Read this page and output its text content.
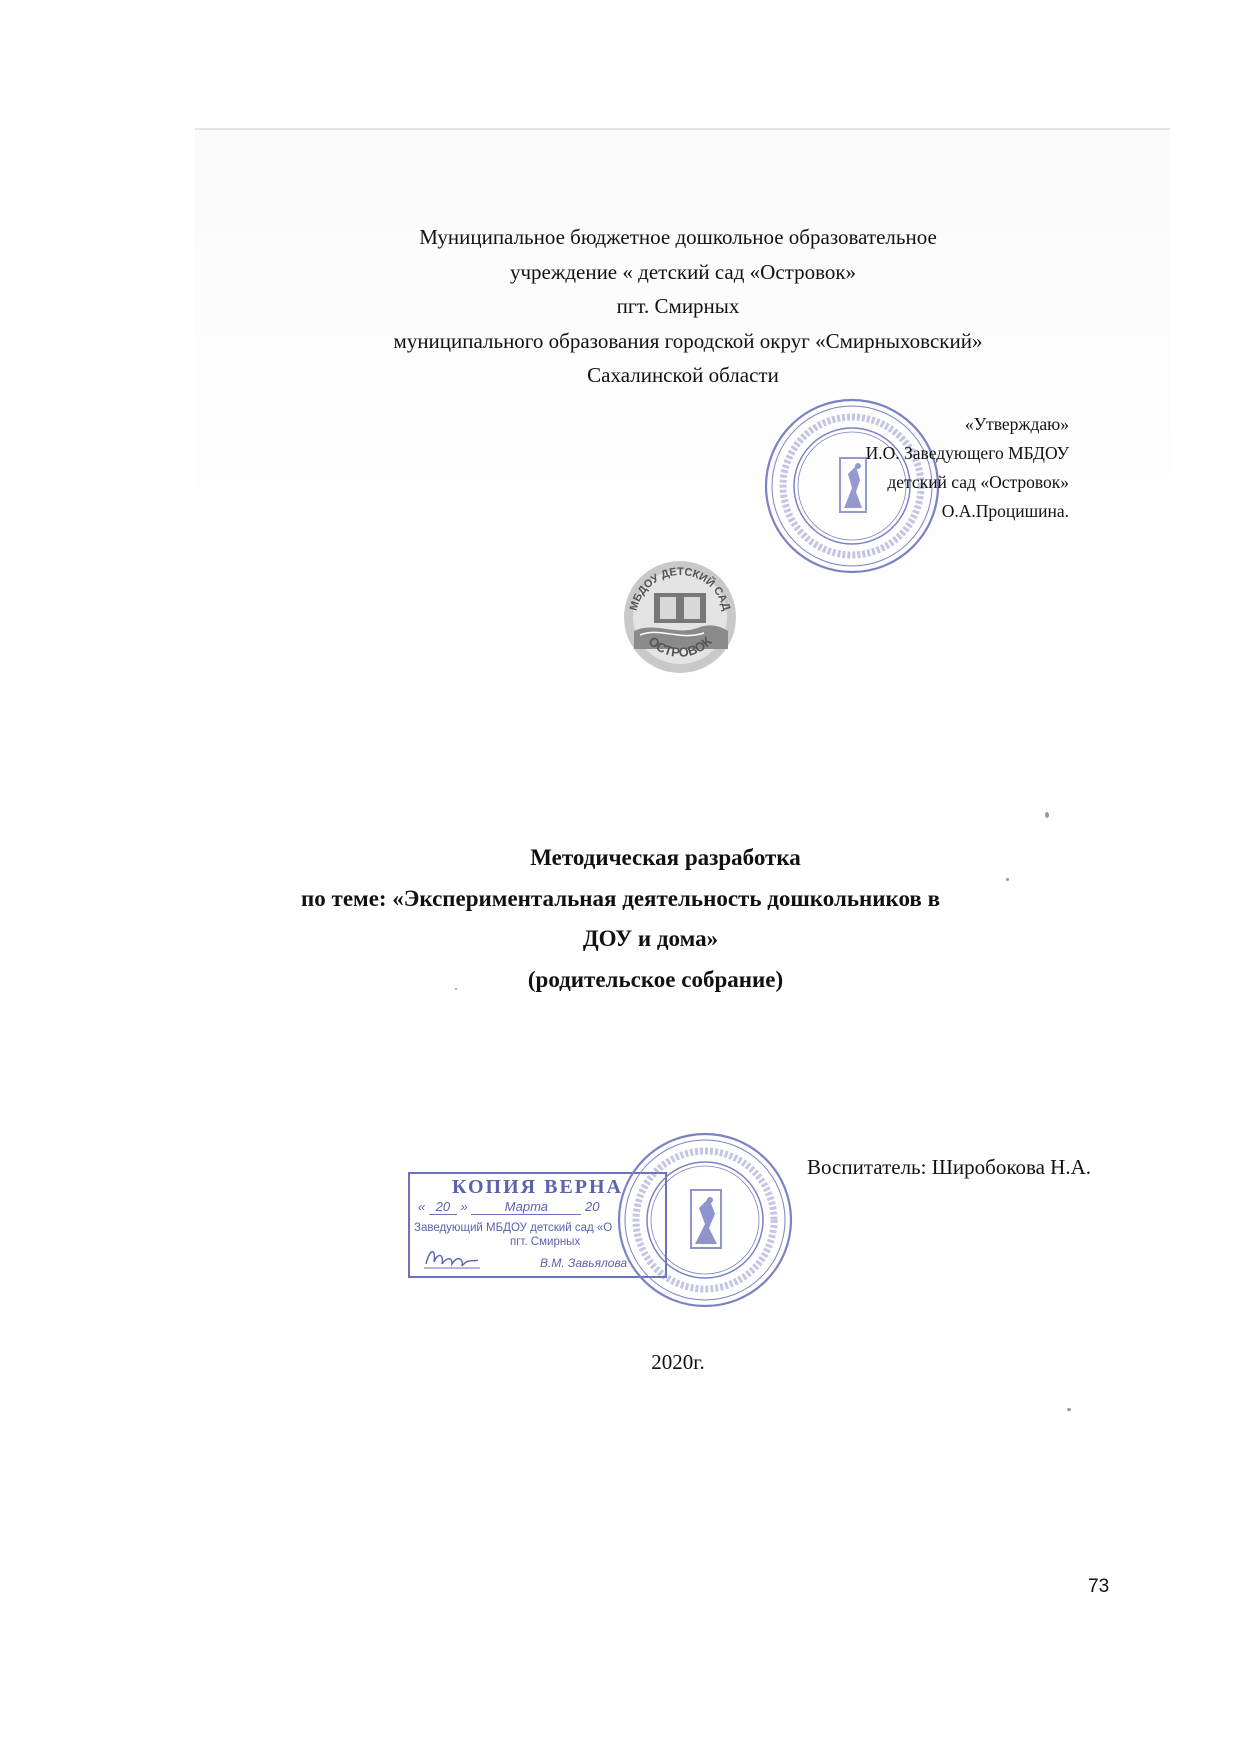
Муниципальное бюджетное дошкольное образовательное
учреждение « детский сад «Островок»
пгт. Смирных
муниципального образования городской округ «Смирныховский»
Сахалинской области
«Утверждаю»
И.О. Заведующего МБДОУ
детский сад «Островок»
О.А.Процишина.
МБДОУ ДЕТСКИЙ САД
ОСТРОВОК
Методическая разработка
по теме: «Экспериментальная деятельность дошкольников в
ДОУ и дома»
(родительское собрание)
КОПИЯ ВЕРНА
« 20 »	Марта	20
Заведующий МБДОУ детский сад «О
пгт. Смирных
В.М. Завьялова
Воспитатель: Широбокова Н.А.
2020г.
73
